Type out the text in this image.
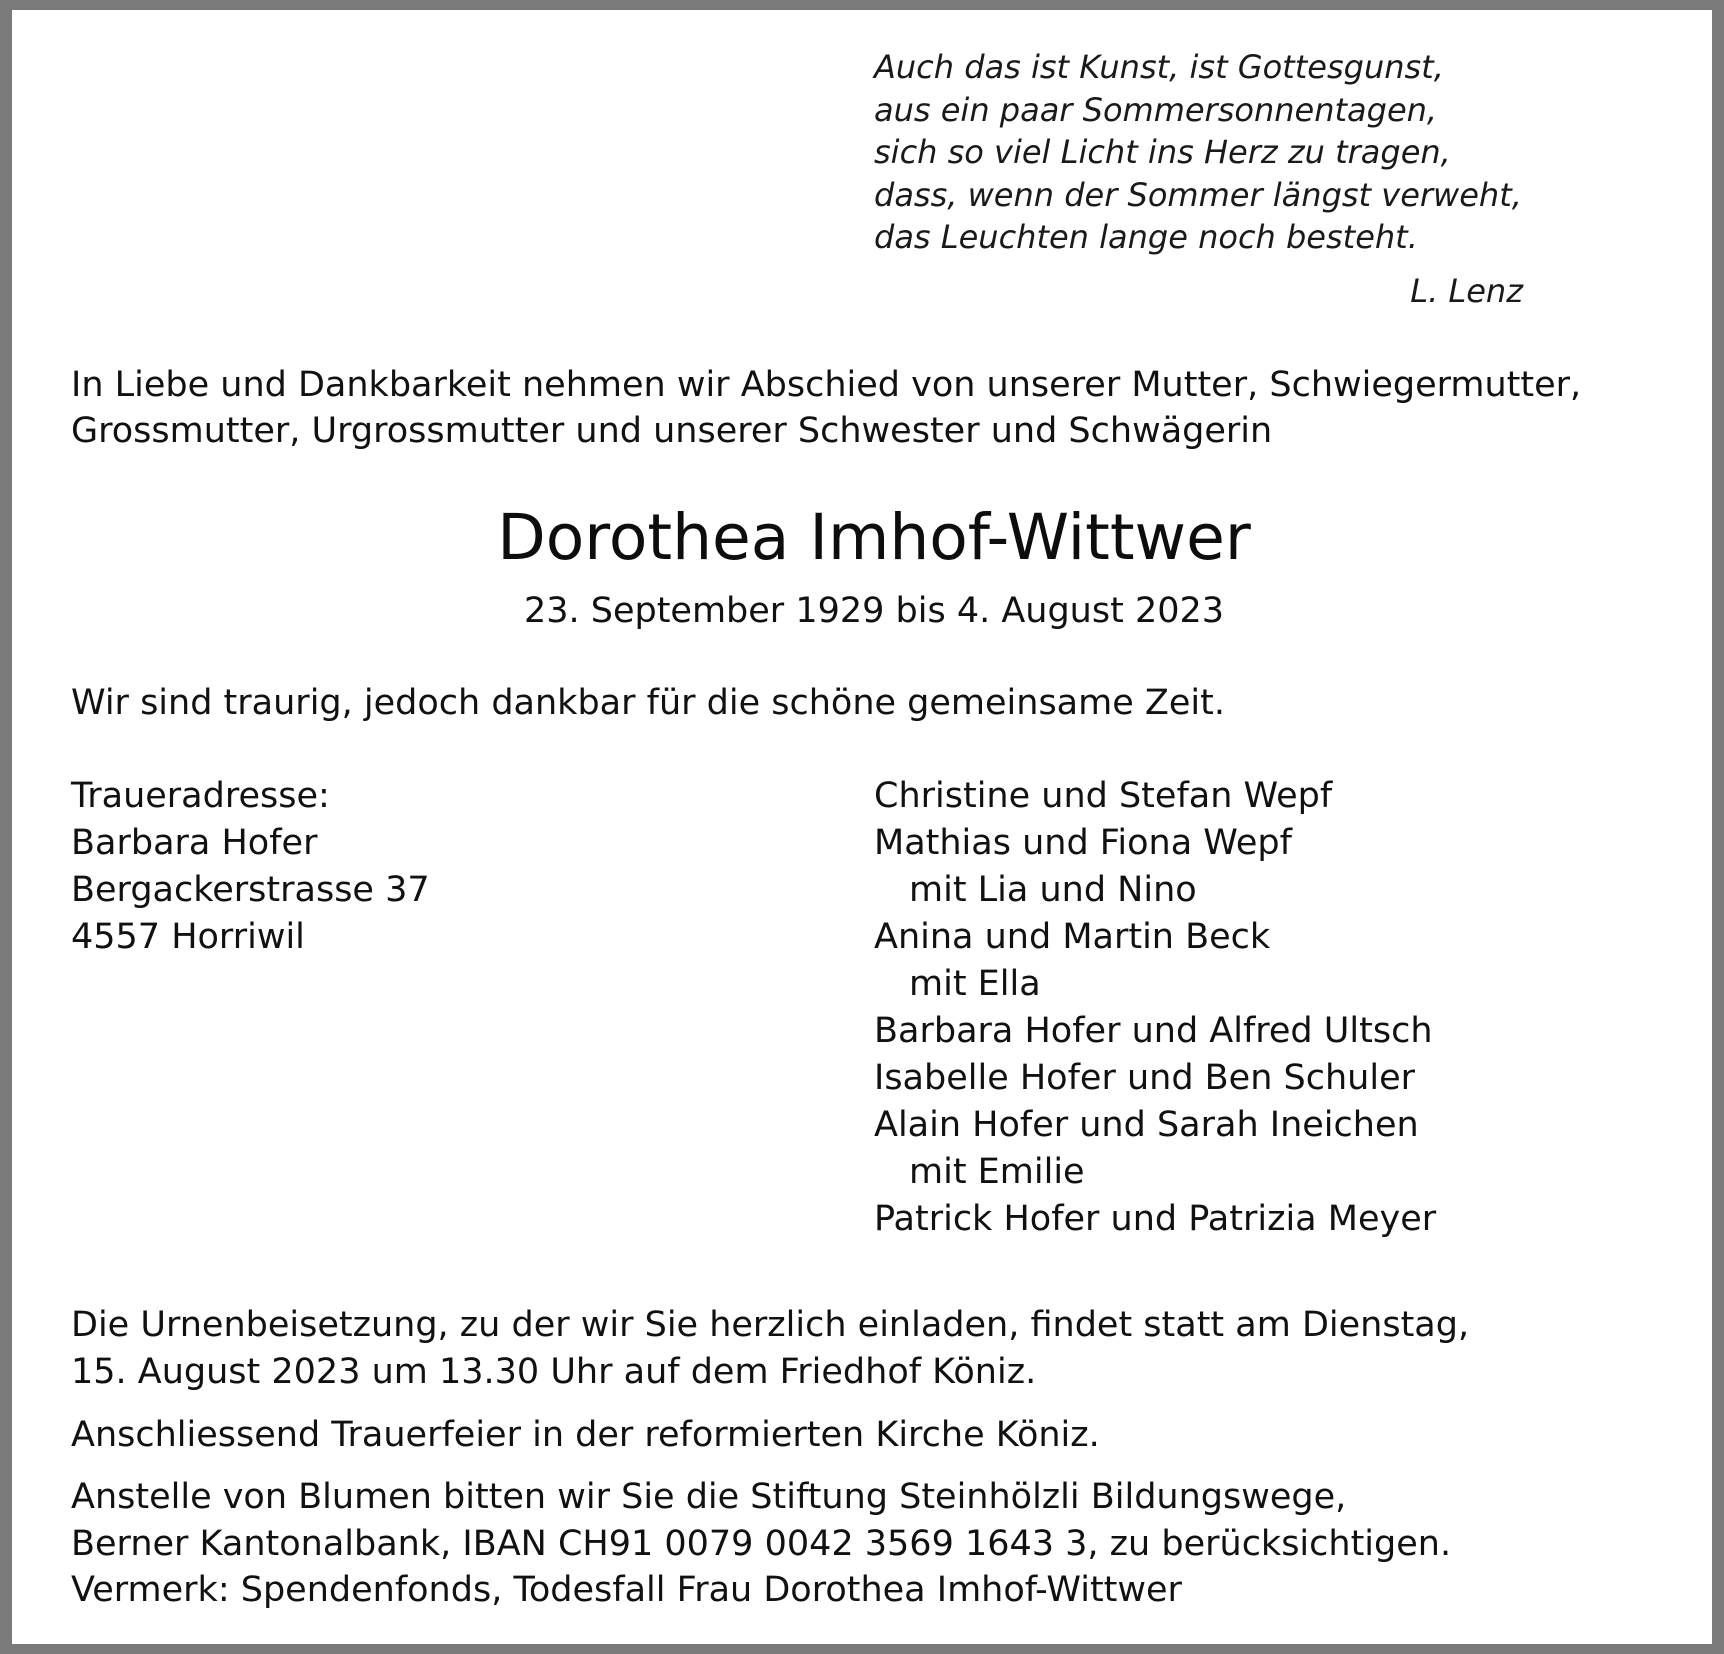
Auch das ist Kunst, ist Gottesgunst,
aus ein paar Sommersonnentagen,
sich so viel Licht ins Herz zu tragen,
dass, wenn der Sommer längst verweht,
das Leuchten lange noch besteht.
L. Lenz
In Liebe und Dankbarkeit nehmen wir Abschied von unserer Mutter, Schwiegermutter,
Grossmutter, Urgrossmutter und unserer Schwester und Schwägerin
Dorothea Imhof-Wittwer
23. September 1929 bis 4. August 2023
Wir sind traurig, jedoch dankbar für die schöne gemeinsame Zeit.
Traueradresse:
Barbara Hofer
Bergackerstrasse 37
4557 Horriwil
Christine und Stefan Wepf
Mathias und Fiona Wepf
mit Lia und Nino
Anina und Martin Beck
mit Ella
Barbara Hofer und Alfred Ultsch
Isabelle Hofer und Ben Schuler
Alain Hofer und Sarah Ineichen
mit Emilie
Patrick Hofer und Patrizia Meyer
Die Urnenbeisetzung, zu der wir Sie herzlich einladen, findet statt am Dienstag,
15. August 2023 um 13.30 Uhr auf dem Friedhof Köniz.
Anschliessend Trauerfeier in der reformierten Kirche Köniz.
Anstelle von Blumen bitten wir Sie die Stiftung Steinhölzli Bildungswege,
Berner Kantonalbank, IBAN CH91 0079 0042 3569 1643 3, zu berücksichtigen.
Vermerk: Spendenfonds, Todesfall Frau Dorothea Imhof-Wittwer
